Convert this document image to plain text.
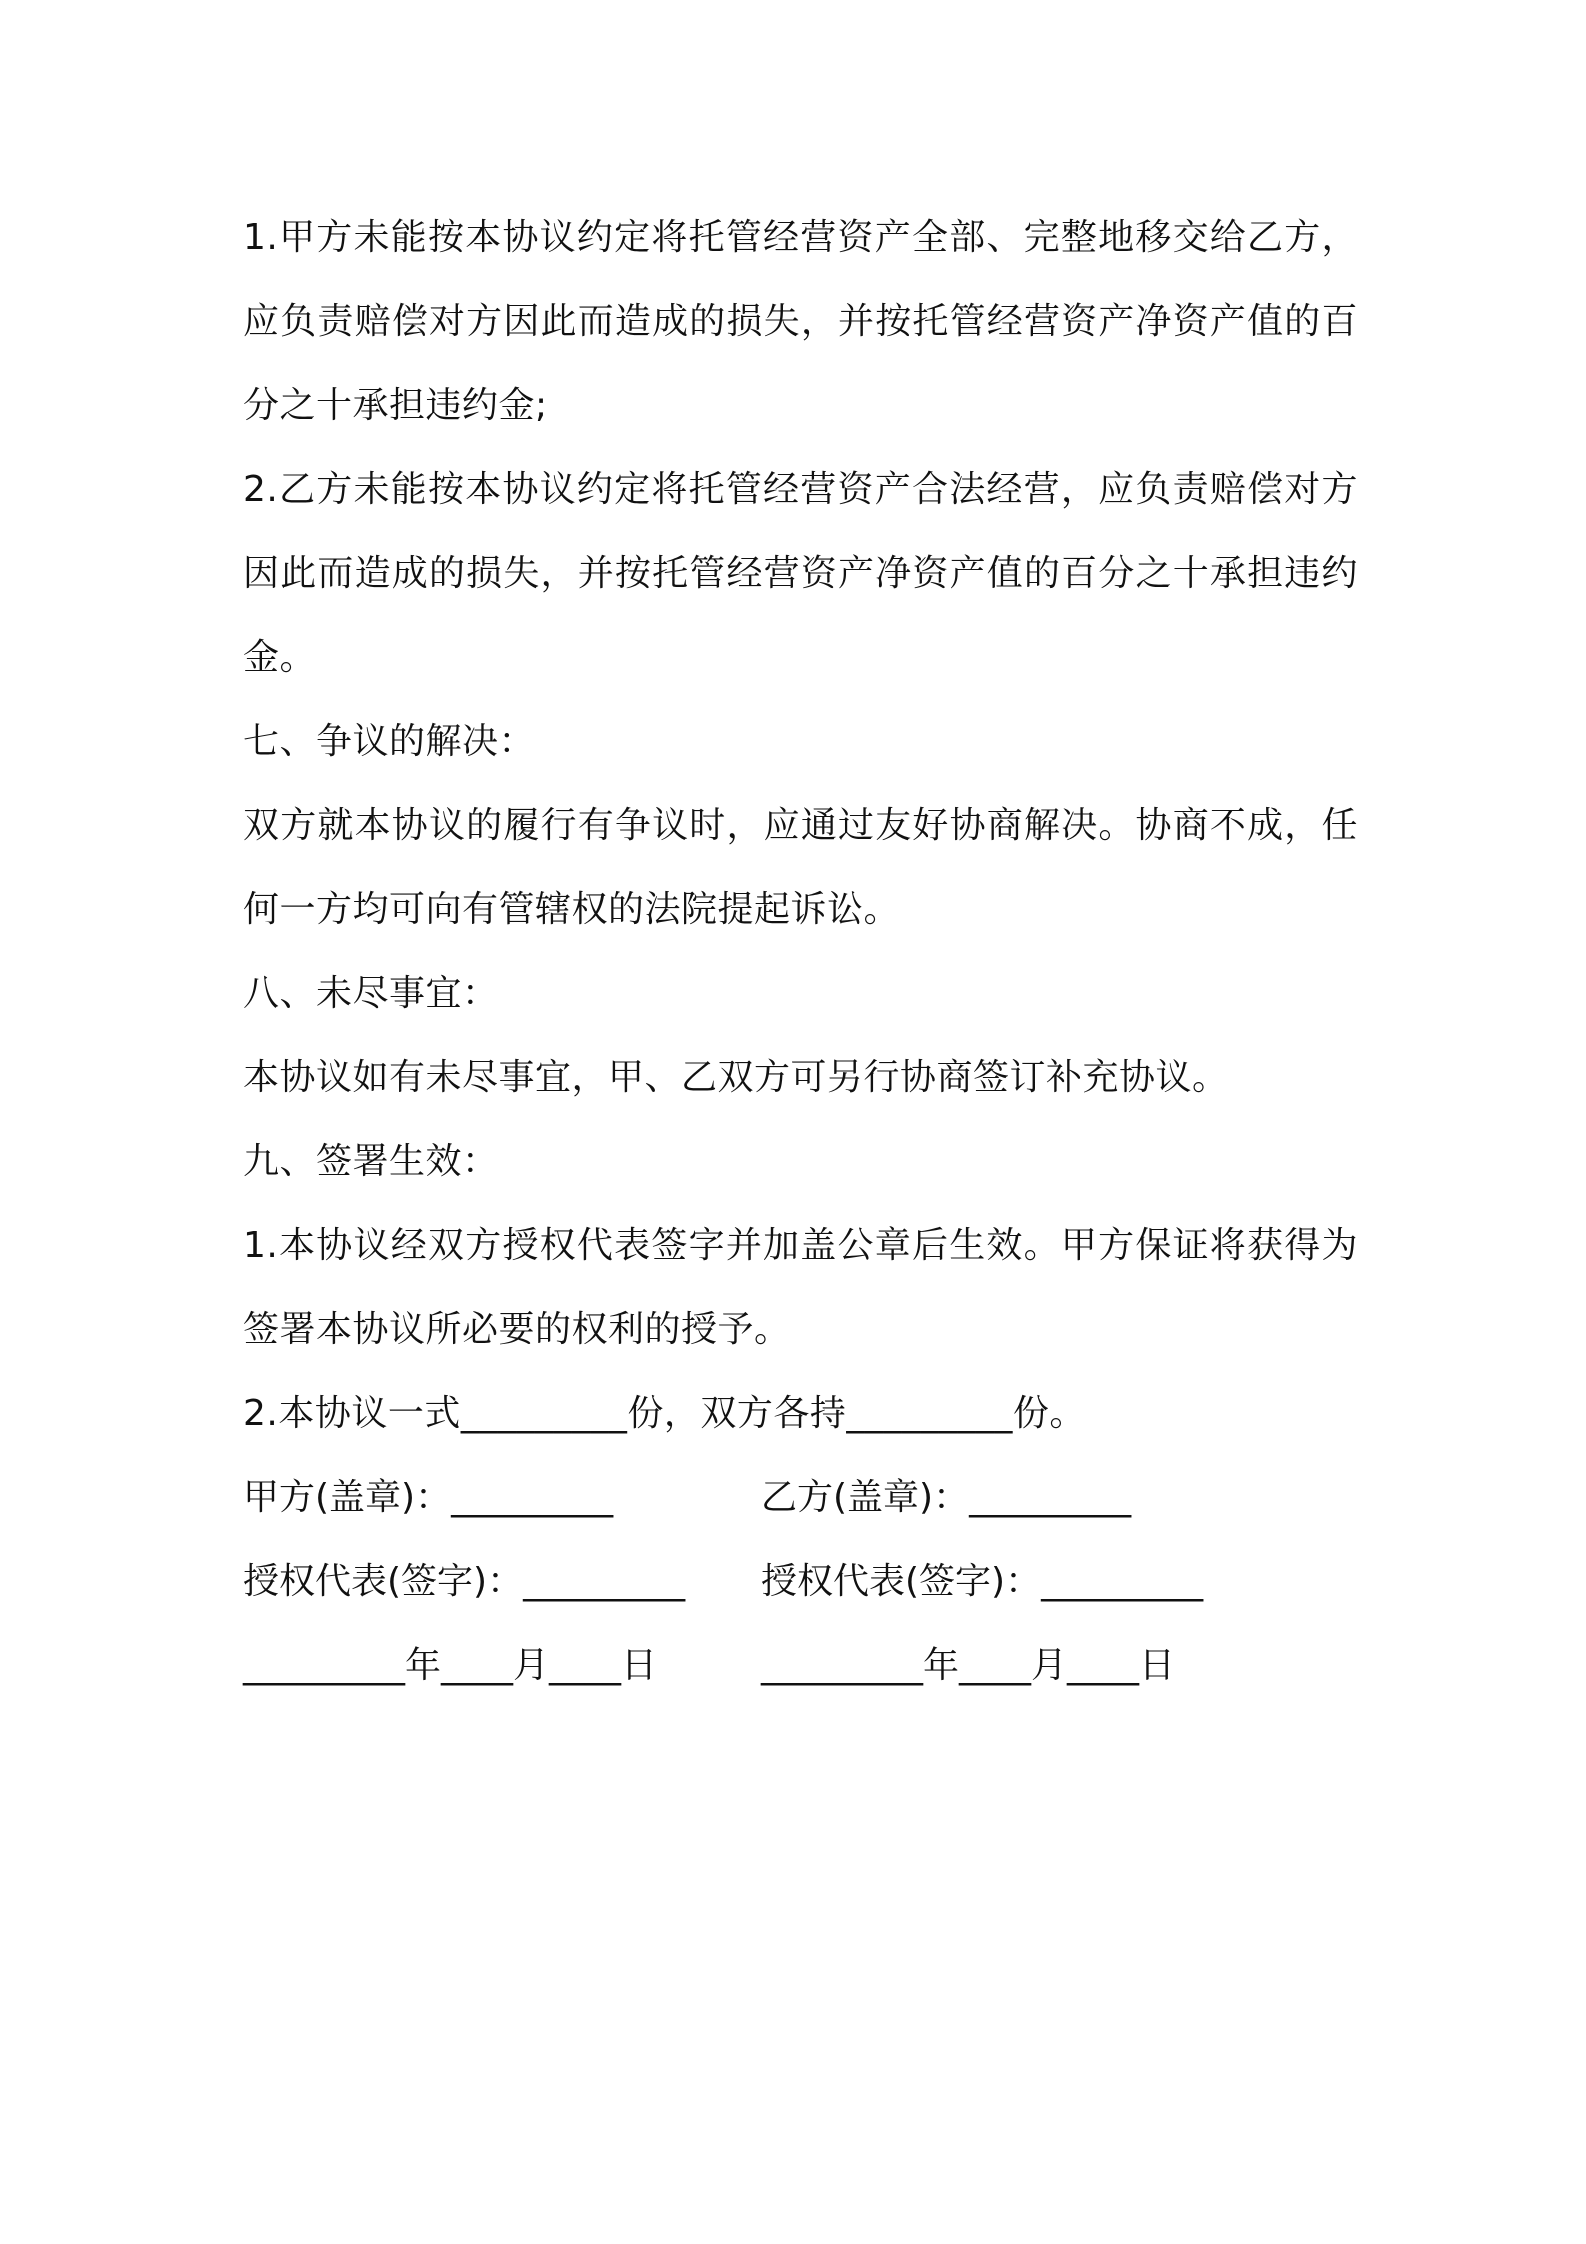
1.甲方未能按本协议约定将托管经营资产全部、完整地移交给乙方，应负责赔偿对方因此而造成的损失，并按托管经营资产净资产值的百分之十承担违约金;

2.乙方未能按本协议约定将托管经营资产合法经营，应负责赔偿对方因此而造成的损失，并按托管经营资产净资产值的百分之十承担违约金。

七、争议的解决：

双方就本协议的履行有争议时，应通过友好协商解决。协商不成，任何一方均可向有管辖权的法院提起诉讼。

八、未尽事宜：

本协议如有未尽事宜，甲、乙双方可另行协商签订补充协议。

九、签署生效：

1.本协议经双方授权代表签字并加盖公章后生效。甲方保证将获得为签署本协议所必要的权利的授予。

2.本协议一式_________份，双方各持_________份。

甲方(盖章)：_________	乙方(盖章)：_________
授权代表(签字)：_________	授权代表(签字)：_________
_________年____月____日	_________年____月____日
